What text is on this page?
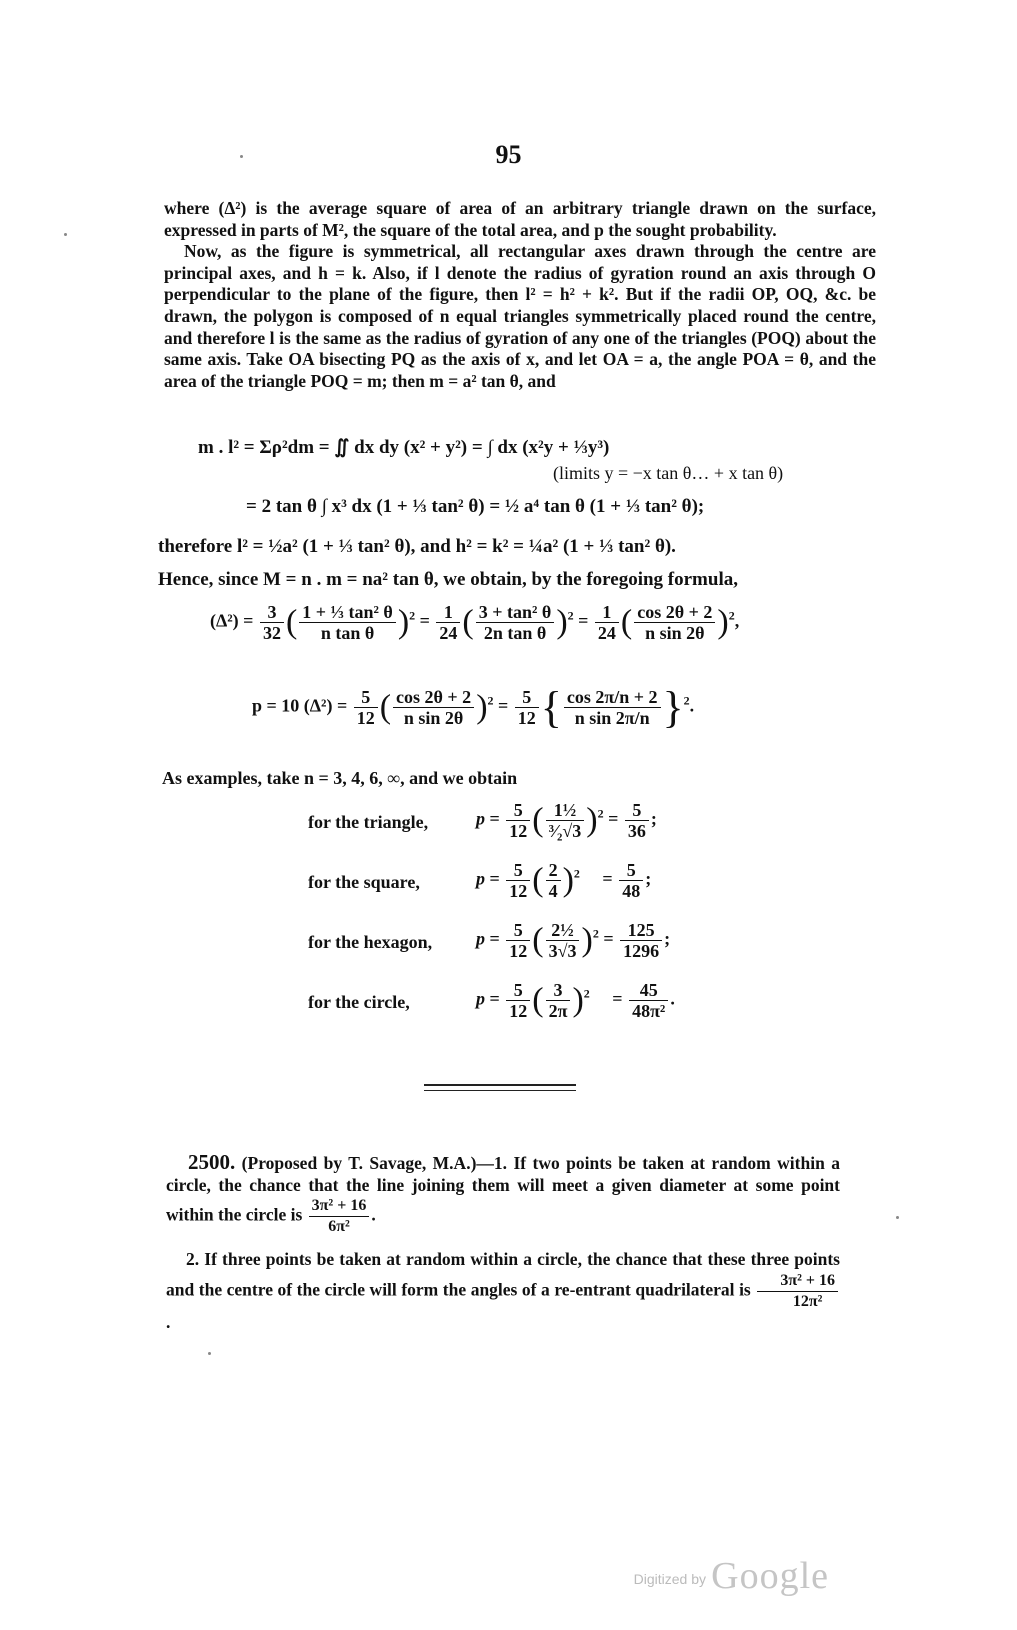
95

where (Δ²) is the average square of area of an arbitrary triangle drawn on the surface, expressed in parts of M², the square of the total area, and p the sought probability.

Now, as the figure is symmetrical, all rectangular axes drawn through the centre are principal axes, and h = k. Also, if l denote the radius of gyration round an axis through O perpendicular to the plane of the figure, then l² = h² + k². But if the radii OP, OQ, &c. be drawn, the polygon is composed of n equal triangles symmetrically placed round the centre, and therefore l is the same as the radius of gyration of any one of the triangles (POQ) about the same axis. Take OA bisecting PQ as the axis of x, and let OA = a, the angle POA = θ, and the area of the triangle POQ = m; then m = a² tan θ, and

m . l² = Σρ²dm = ∬ dx dy (x² + y²) = ∫ dx (x²y + ⅓y³)
(limits y = −x tan θ… + x tan θ)
= 2 tan θ ∫ x³ dx (1 + ⅓ tan² θ) = ½ a⁴ tan θ (1 + ⅓ tan² θ);
therefore l² = ½a² (1 + ⅓ tan² θ), and h² = k² = ¼a² (1 + ⅓ tan² θ).
Hence, since M = n . m = na² tan θ, we obtain, by the foregoing formula,
$(\Delta^2) = \frac{3}{32}$ ( $\frac{\text{1 + ⅓ tan² θ}}{\text{n tan θ}} )^2 = \frac{1}{24}$ ( $\frac{\text{3 + tan² θ}}{\text{2n tan θ}} )^2 = \frac{1}{24}$ ( $\frac{\cos 2\theta + 2}{\text{n sin 2θ}} )^2$,
p = 10 $(\Delta^2) = \frac{5}{12}$ ( $\frac{\cos 2\theta + 2}{\text{n sin 2θ}} )^2 = \frac{5}{12}$ { $\frac{\cos 2\pi/n + 2}{\text{n sin 2π/n}} \}^2$.
As examples, take n = 3, 4, 6, ∞, and we obtain
for the triangle,	$p = \frac{5}{12}$ ( $\frac{\text{1½}}{\text{³⁄₂√3}} )^2 = \frac{5}{36}$ ;
for the square,	$p = \frac{5}{12}$ ( $\frac{2}{4} )^2$     = $\frac{5}{48}$ ;
for the hexagon, $p = \frac{5}{12}$ ( $\frac{\text{2½}}{3√3} )^2 = \frac{125}{1296}$ ;
for the circle,	$p = \frac{5}{12}$ ( $\frac{3}{2\pi} )^2$     = $\frac{45}{\text{48π²}}$ .

2500. (Proposed by T. Savage, M.A.)—1. If two points be taken at random within a circle, the chance that the line joining them will meet a given diameter at some point within the circle is $\frac{\text{3π² + 16}}{\text{6π²}}$ .

2. If three points be taken at random within a circle, the chance that these three points and the centre of the circle will form the angles of a re-entrant quadrilateral is $\frac{\text{3π² + 16}}{\text{12π²}}$
.

Digitized by Google
